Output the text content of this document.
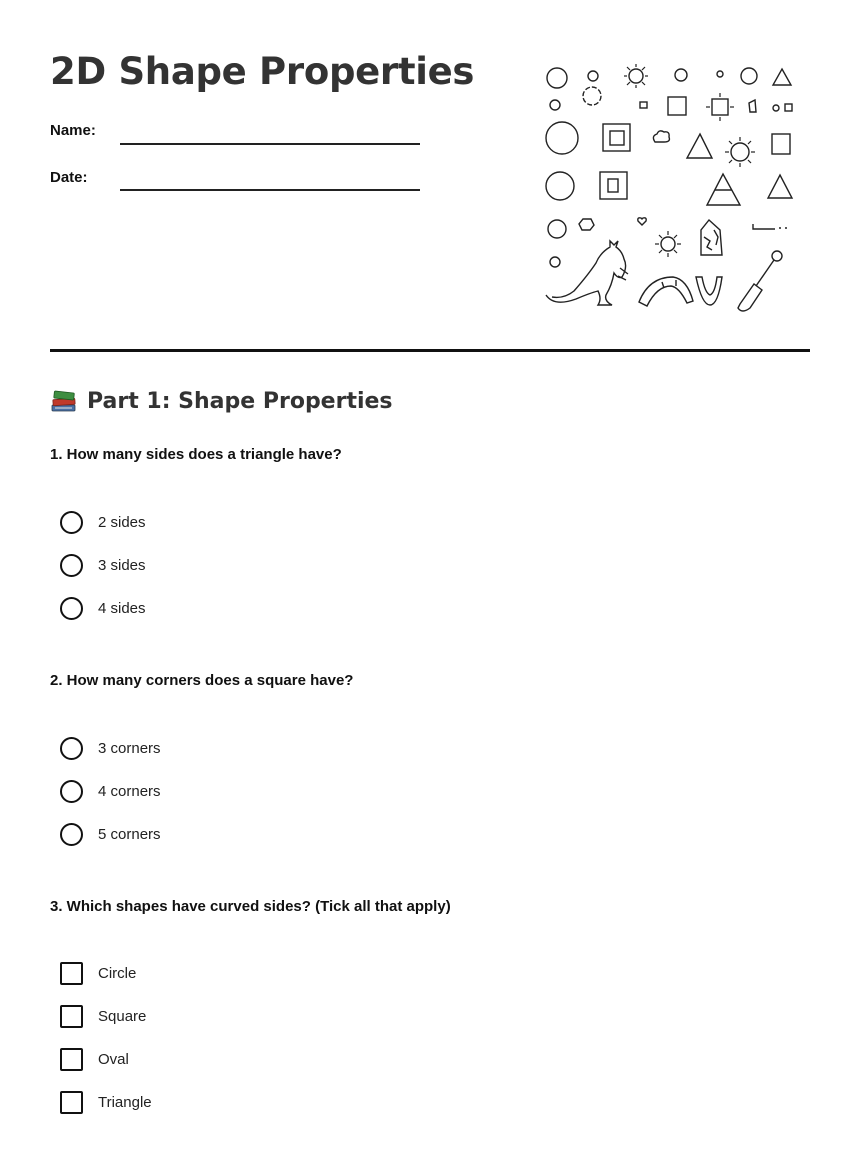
2D Shape Properties
Name:
Date:
Part 1: Shape Properties
1. How many sides does a triangle have?
2 sides
3 sides
4 sides
2. How many corners does a square have?
3 corners
4 corners
5 corners
3. Which shapes have curved sides? (Tick all that apply)
Circle
Square
Oval
Triangle
